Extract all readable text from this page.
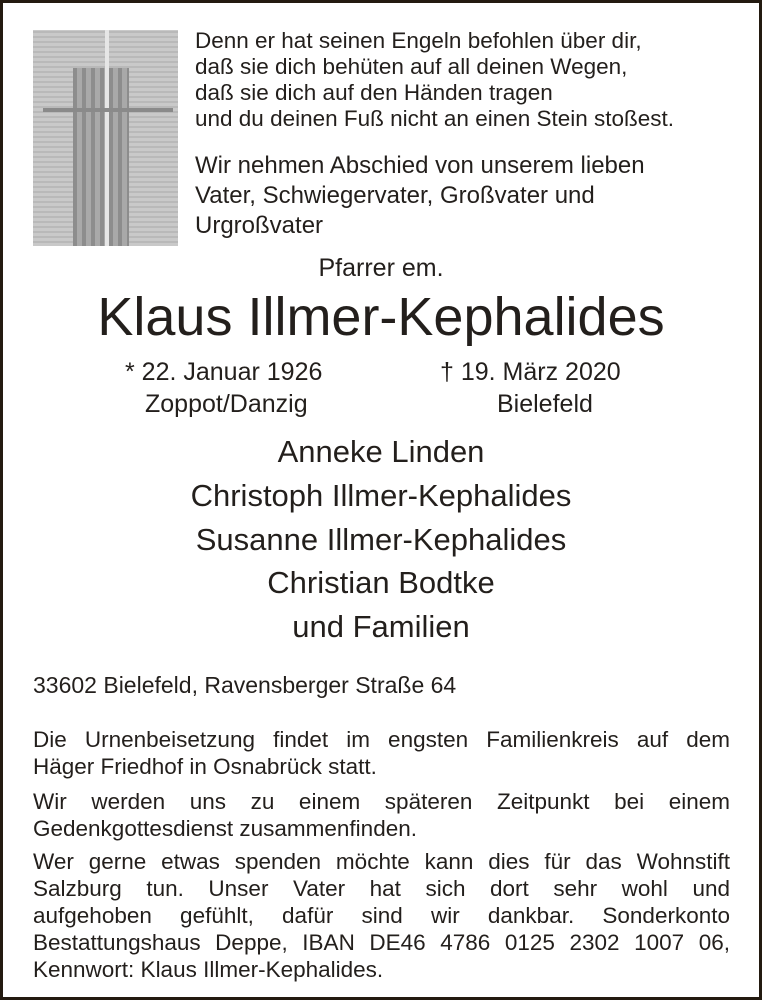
Denn er hat seinen Engeln befohlen über dir,
daß sie dich behüten auf all deinen Wegen,
daß sie dich auf den Händen tragen
und du deinen Fuß nicht an einen Stein stoßest.
Wir nehmen Abschied von unserem lieben
Vater, Schwiegervater, Großvater und
Urgroßvater
Pfarrer em.
Klaus Illmer-Kephalides
* 22. Januar 1926
Zoppot/Danzig
† 19. März 2020
Bielefeld
Anneke Linden
Christoph Illmer-Kephalides
Susanne Illmer-Kephalides
Christian Bodtke
und Familien
33602 Bielefeld, Ravensberger Straße 64
Die Urnenbeisetzung findet im engsten Familienkreis auf dem
Häger Friedhof in Osnabrück statt.
Wir werden uns zu einem späteren Zeitpunkt bei einem
Gedenkgottesdienst zusammenfinden.
Wer gerne etwas spenden möchte kann dies für das Wohnstift
Salzburg tun. Unser Vater hat sich dort sehr wohl und
aufgehoben gefühlt, dafür sind wir dankbar. Sonderkonto
Bestattungshaus Deppe, IBAN DE46 4786 0125 2302 1007 06,
Kennwort: Klaus Illmer-Kephalides.
